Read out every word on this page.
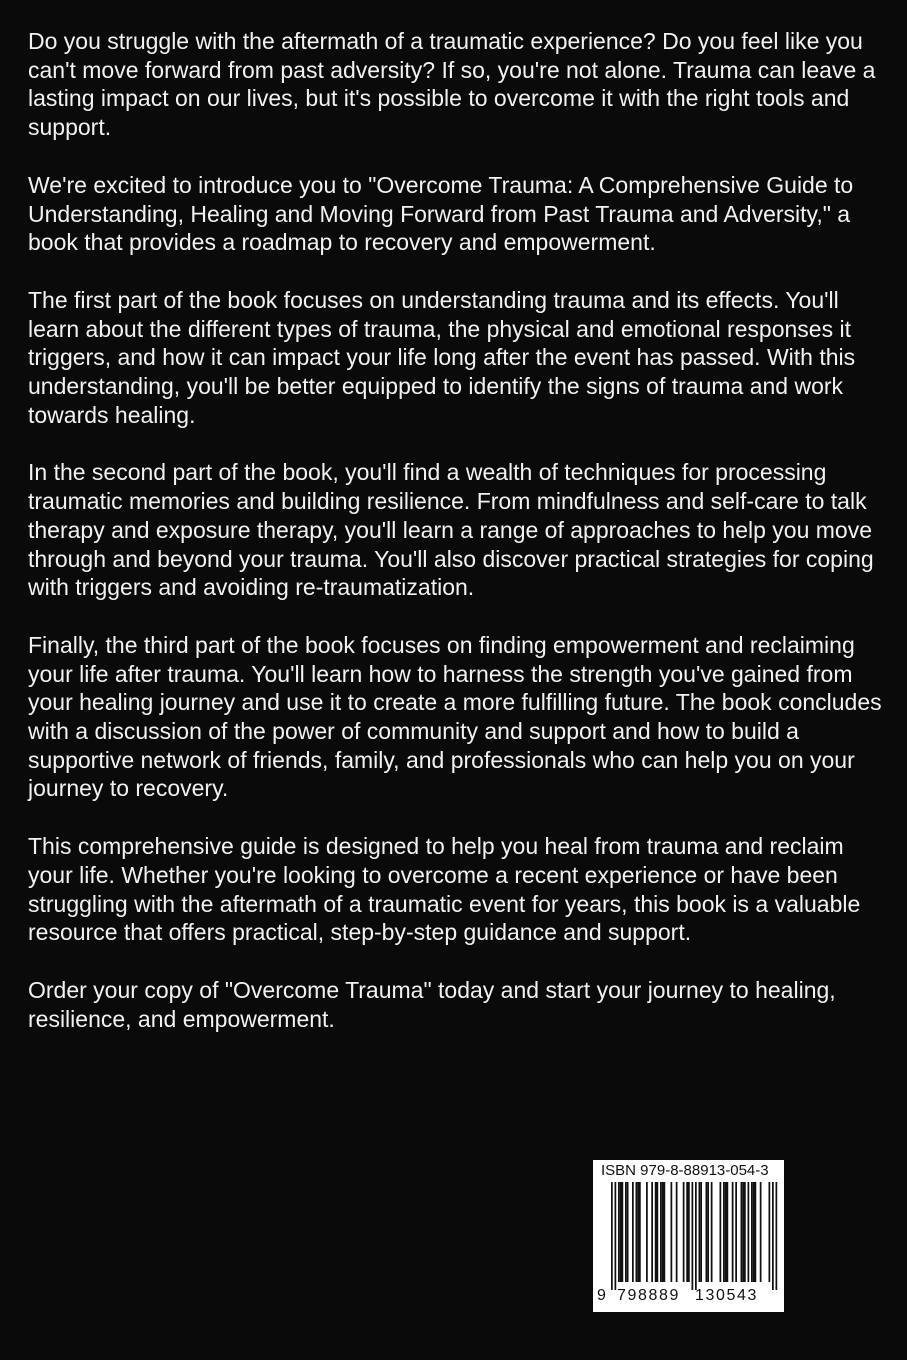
Do you struggle with the aftermath of a traumatic experience? Do you feel like you can't move forward from past adversity? If so, you're not alone. Trauma can leave a lasting impact on our lives, but it's possible to overcome it with the right tools and support.

We're excited to introduce you to "Overcome Trauma: A Comprehensive Guide to Understanding, Healing and Moving Forward from Past Trauma and Adversity," a book that provides a roadmap to recovery and empowerment.

The first part of the book focuses on understanding trauma and its effects. You'll learn about the different types of trauma, the physical and emotional responses it triggers, and how it can impact your life long after the event has passed. With this understanding, you'll be better equipped to identify the signs of trauma and work towards healing.

In the second part of the book, you'll find a wealth of techniques for processing traumatic memories and building resilience. From mindfulness and self-care to talk therapy and exposure therapy, you'll learn a range of approaches to help you move through and beyond your trauma. You'll also discover practical strategies for coping with triggers and avoiding re-traumatization.

Finally, the third part of the book focuses on finding empowerment and reclaiming your life after trauma. You'll learn how to harness the strength you've gained from your healing journey and use it to create a more fulfilling future. The book concludes with a discussion of the power of community and support and how to build a supportive network of friends, family, and professionals who can help you on your journey to recovery.

This comprehensive guide is designed to help you heal from trauma and reclaim your life. Whether you're looking to overcome a recent experience or have been struggling with the aftermath of a traumatic event for years, this book is a valuable resource that offers practical, step-by-step guidance and support.

Order your copy of "Overcome Trauma" today and start your journey to healing, resilience, and empowerment.

ISBN 979-8-88913-054-3
9 798889 130543
